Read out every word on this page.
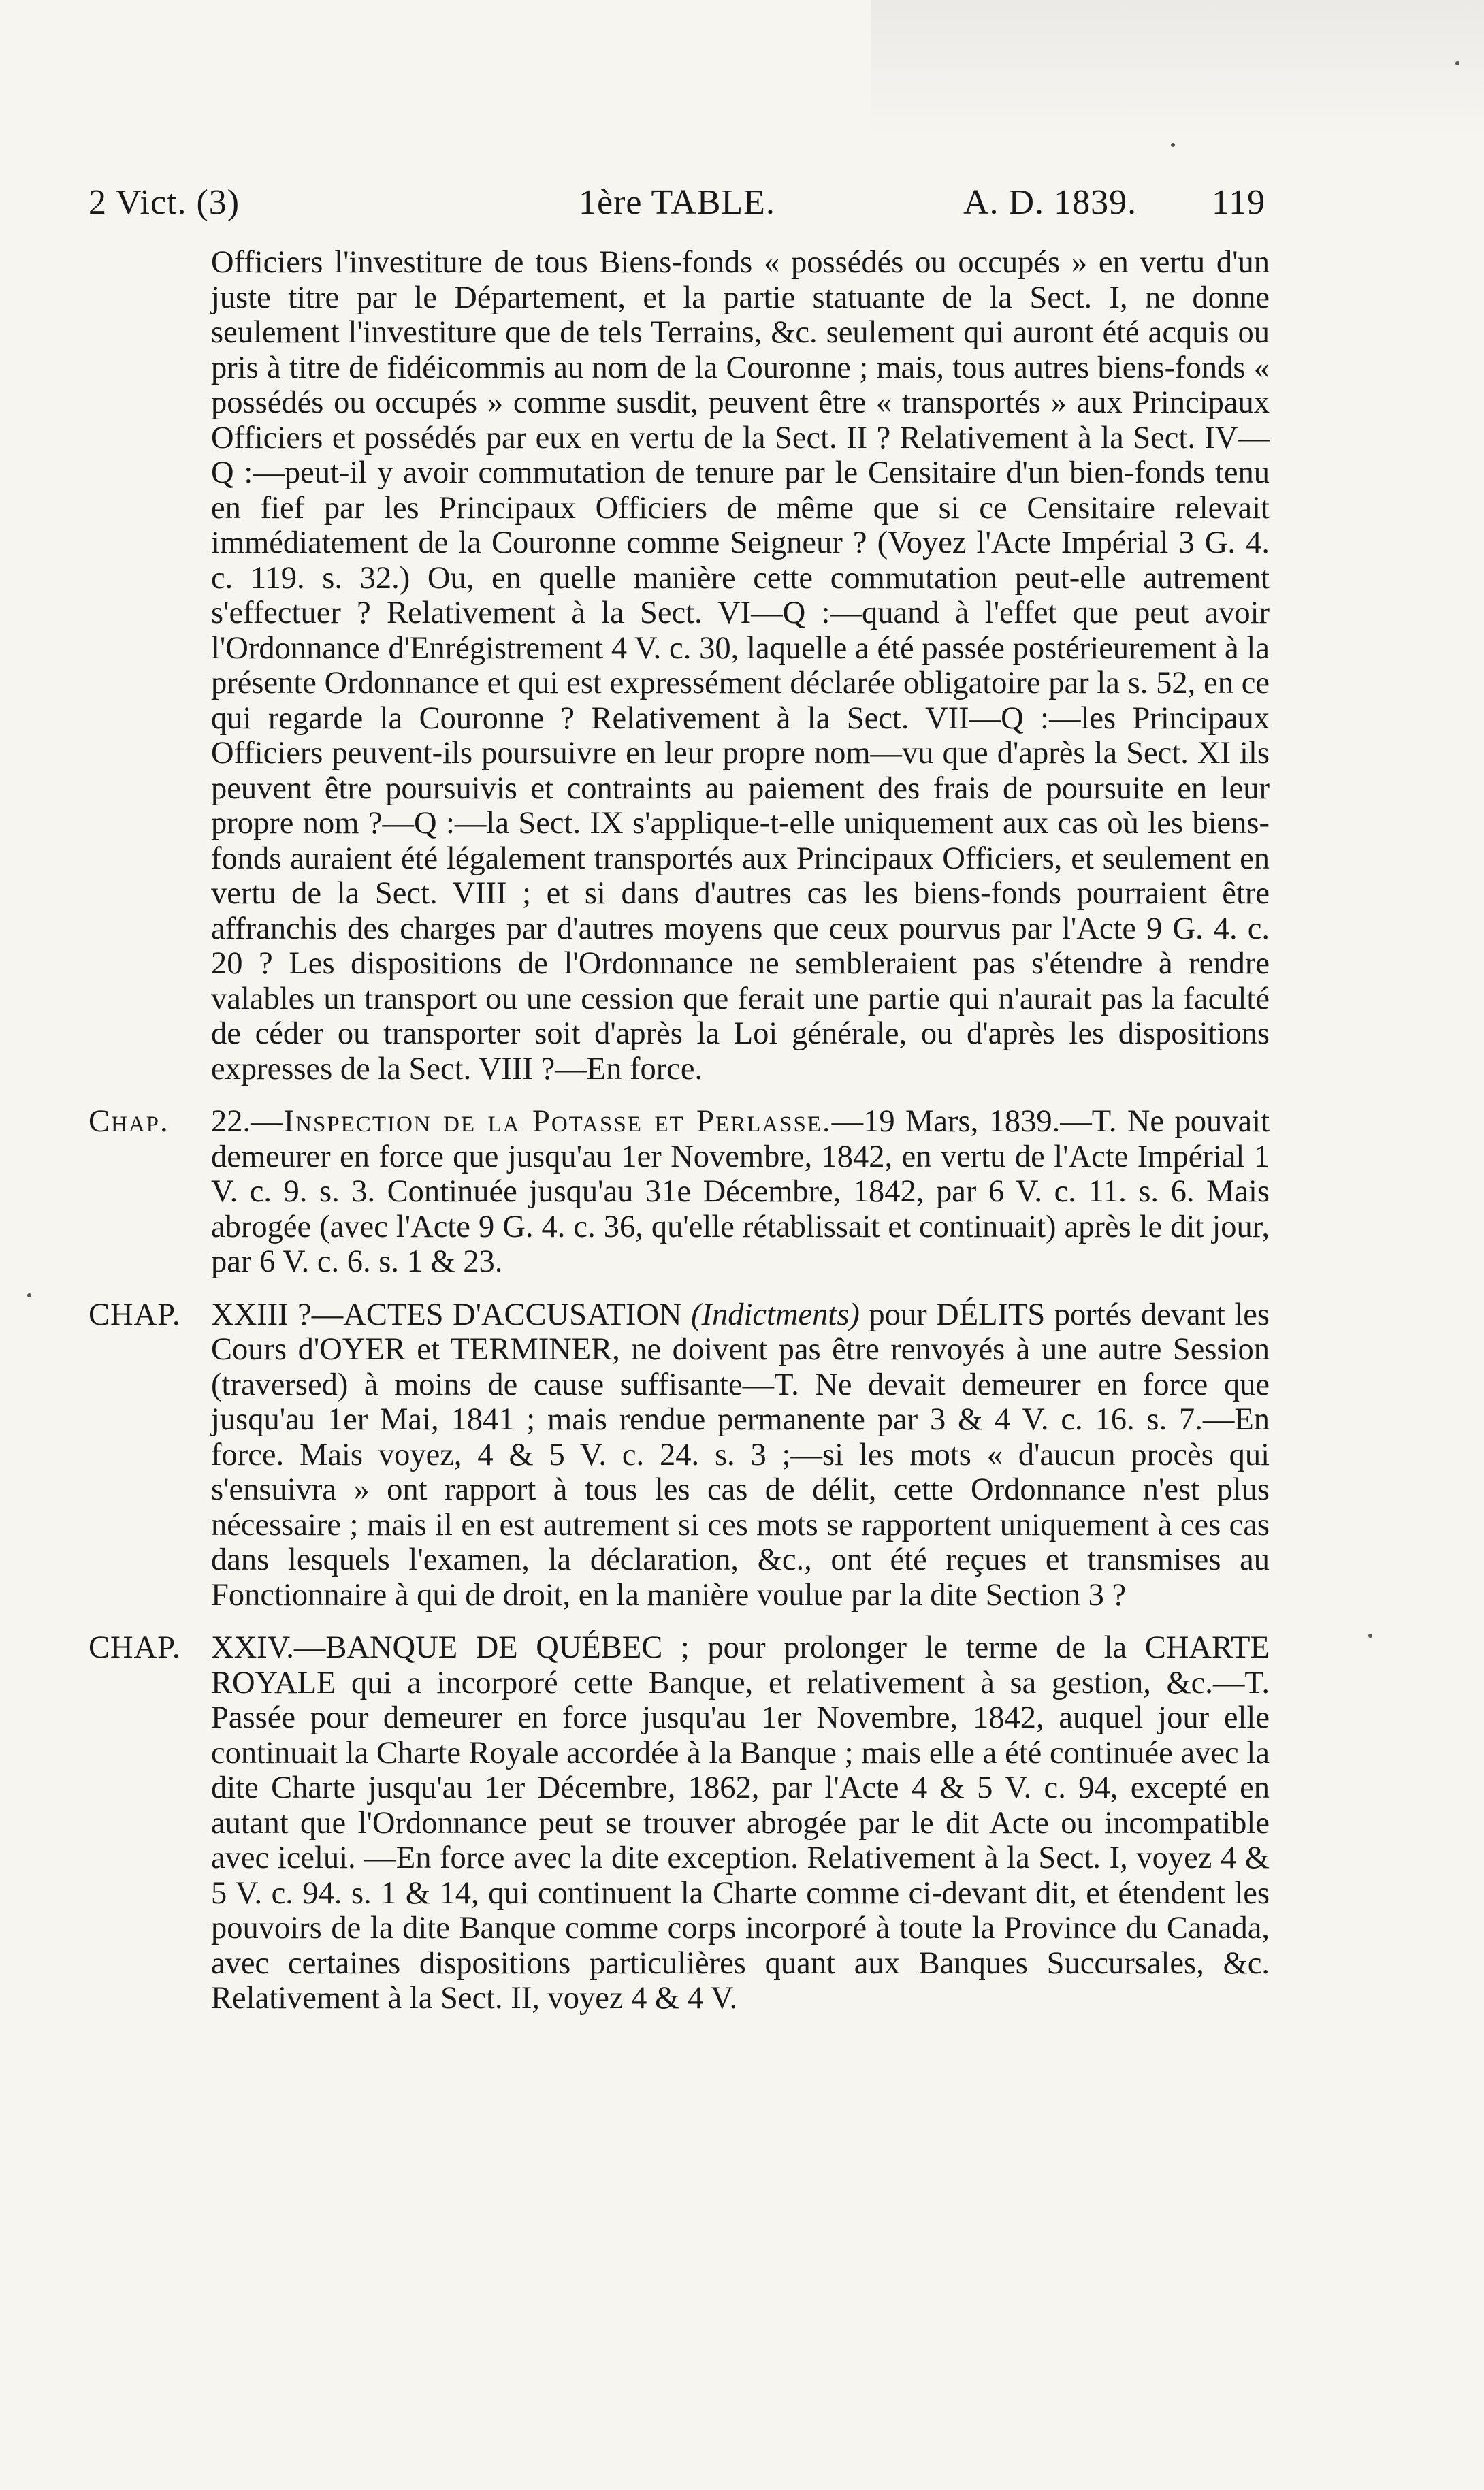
2 Vict. (3)	1ère TABLE.	A. D. 1839. 119

Officiers l'investiture de tous Biens-fonds « possédés ou occupés » en vertu d'un juste titre par le Département, et la partie statuante de la Sect. I, ne donne seulement l'investiture que de tels Terrains, &c. seulement qui auront été acquis ou pris à titre de fidéicommis au nom de la Couronne ; mais, tous autres biens-fonds « possédés ou occupés » comme susdit, peuvent être « transportés » aux Principaux Officiers et possédés par eux en vertu de la Sect. II ? Relativement à la Sect. IV—Q :—peut-il y avoir commutation de tenure par le Censitaire d'un bien-fonds tenu en fief par les Principaux Officiers de même que si ce Censitaire relevait immédiatement de la Couronne comme Seigneur ? (Voyez l'Acte Impérial 3 G. 4. c. 119. s. 32.) Ou, en quelle manière cette commutation peut-elle autrement s'effectuer ? Relativement à la Sect. VI—Q :—quand à l'effet que peut avoir l'Ordonnance d'Enrégistrement 4 V. c. 30, laquelle a été passée postérieurement à la présente Ordonnance et qui est expressément déclarée obligatoire par la s. 52, en ce qui regarde la Couronne ? Relativement à la Sect. VII—Q :—les Principaux Officiers peuvent-ils poursuivre en leur propre nom—vu que d'après la Sect. XI ils peuvent être poursuivis et contraints au paiement des frais de poursuite en leur propre nom ?—Q :—la Sect. IX s'applique-t-elle uniquement aux cas où les biens-fonds auraient été légalement transportés aux Principaux Officiers, et seulement en vertu de la Sect. VIII ; et si dans d'autres cas les biens-fonds pourraient être affranchis des charges par d'autres moyens que ceux pourvus par l'Acte 9 G. 4. c. 20 ? Les dispositions de l'Ordonnance ne sembleraient pas s'étendre à rendre valables un transport ou une cession que ferait une partie qui n'aurait pas la faculté de céder ou transporter soit d'après la Loi générale, ou d'après les dispositions expresses de la Sect. VIII ?—En force.

Chap. 22.—Inspection de la Potasse et Perlasse.—19 Mars, 1839.—T. Ne pouvait demeurer en force que jusqu'au 1er Novembre, 1842, en vertu de l'Acte Impérial 1 V. c. 9. s. 3. Continuée jusqu'au 31e Décembre, 1842, par 6 V. c. 11. s. 6. Mais abrogée (avec l'Acte 9 G. 4. c. 36, qu'elle rétablissait et continuait) après le dit jour, par 6 V. c. 6. s. 1 & 23.
CHAP. XXIII ?—ACTES D'ACCUSATION (Indictments) pour DÉLITS portés devant les Cours d'OYER et TERMINER, ne doivent pas être renvoyés à une autre Session (traversed) à moins de cause suffisante—T. Ne devait demeurer en force que jusqu'au 1er Mai, 1841 ; mais rendue permanente par 3 & 4 V. c. 16. s. 7.—En force. Mais voyez, 4 & 5 V. c. 24. s. 3 ;—si les mots « d'aucun procès qui s'ensuivra » ont rapport à tous les cas de délit, cette Ordonnance n'est plus nécessaire ; mais il en est autrement si ces mots se rapportent uniquement à ces cas dans lesquels l'examen, la déclaration, &c., ont été reçues et transmises au Fonctionnaire à qui de droit, en la manière voulue par la dite Section 3 ?
CHAP. XXIV.—BANQUE DE QUÉBEC ; pour prolonger le terme de la CHARTE ROYALE qui a incorporé cette Banque, et relativement à sa gestion, &c.—T. Passée pour demeurer en force jusqu'au 1er Novembre, 1842, auquel jour elle continuait la Charte Royale accordée à la Banque ; mais elle a été continuée avec la dite Charte jusqu'au 1er Décembre, 1862, par l'Acte 4 & 5 V. c. 94, excepté en autant que l'Ordonnance peut se trouver abrogée par le dit Acte ou incompatible avec icelui. —En force avec la dite exception. Relativement à la Sect. I, voyez 4 & 5 V. c. 94. s. 1 & 14, qui continuent la Charte comme ci-devant dit, et étendent les pouvoirs de la dite Banque comme corps incorporé à toute la Province du Canada, avec certaines dispositions particulières quant aux Banques Succursales, &c. Relativement à la Sect. II, voyez 4 & 4 V.
